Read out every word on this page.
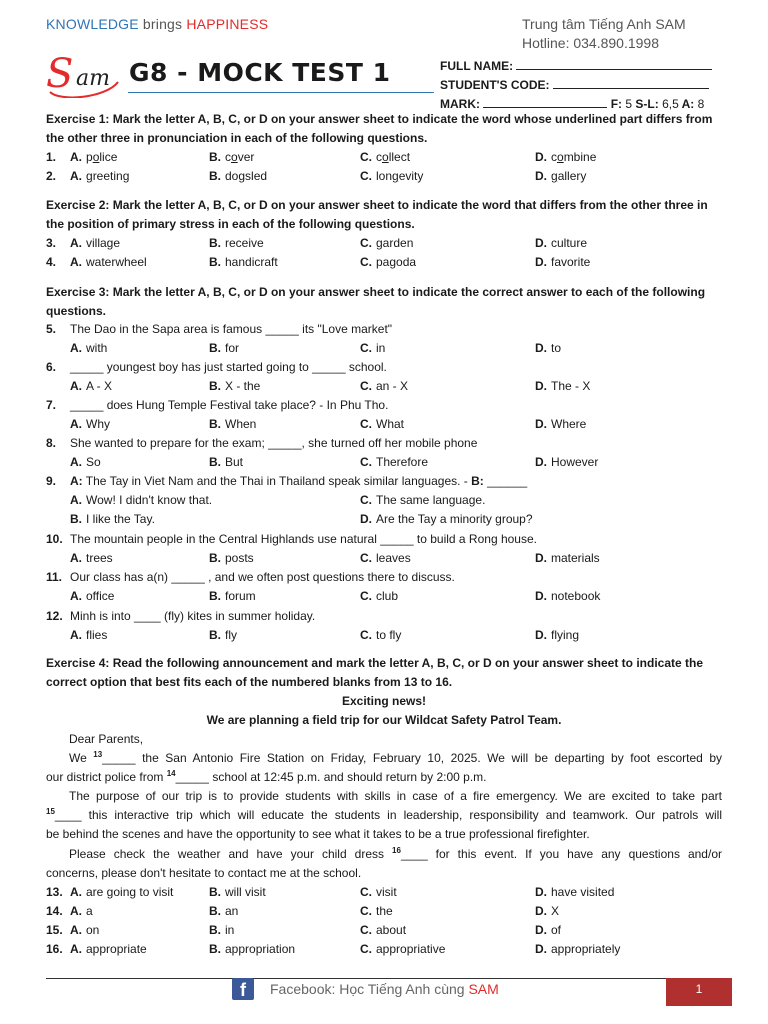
KNOWLEDGE brings HAPPINESS	Trung tâm Tiếng Anh SAM
Hotline: 034.890.1998
S am G8 - MOCK TEST 1	FULL NAME:
STUDENT'S CODE:
MARK:	F: 5 S-L: 6,5 A: 8
Exercise 1: Mark the letter A, B, C, or D on your answer sheet to indicate the word whose underlined part differs from
the other three in pronunciation in each of the following questions.
1. A. police	B. cover	C. collect	D. combine
2. A. greeting	B. dogsled	C. longevity	D. gallery
Exercise 2: Mark the letter A, B, C, or D on your answer sheet to indicate the word that differs from the other three in
the position of primary stress in each of the following questions.
3. A. village	B. receive	C. garden	D. culture
4. A. waterwheel	B. handicraft	C. pagoda	D. favorite
Exercise 3: Mark the letter A, B, C, or D on your answer sheet to indicate the correct answer to each of the following
questions.
5. The Dao in the Sapa area is famous _____ its "Love market"
A. with	B. for	C. in	D. to
6. _____ youngest boy has just started going to _____ school.
A. A - X	B. X - the	C. an - X	D. The - X
7. _____ does Hung Temple Festival take place? - In Phu Tho.
A. Why	B. When	C. What	D. Where
8. She wanted to prepare for the exam; _____, she turned off her mobile phone
A. So	B. But	C. Therefore	D. However
9. A: The Tay in Viet Nam and the Thai in Thailand speak similar languages. - B: ______
A. Wow! I didn't know that.	C. The same language.
B. I like the Tay.	D. Are the Tay a minority group?
10. The mountain people in the Central Highlands use natural _____ to build a Rong house.
A. trees	B. posts	C. leaves	D. materials
11. Our class has a(n) _____ , and we often post questions there to discuss.
A. office	B. forum	C. club	D. notebook
12. Minh is into ____ (fly) kites in summer holiday.
A. flies	B. fly	C. to fly	D. flying
Exercise 4: Read the following announcement and mark the letter A, B, C, or D on your answer sheet to indicate the
correct option that best fits each of the numbered blanks from 13 to 16.
Exciting news!
We are planning a field trip for our Wildcat Safety Patrol Team.
Dear Parents,
We $^{13}$_____ the San Antonio Fire Station on Friday, February 10, 2025. We will be departing by foot escorted by
our district police from $^{14}$_____ school at 12:45 p.m. and should return by 2:00 p.m.
The purpose of our trip is to provide students with skills in case of a fire emergency. We are excited to take part
$^{15}$____ this interactive trip which will educate the students in leadership, responsibility and teamwork. Our patrols will
be behind the scenes and have the opportunity to see what it takes to be a true professional firefighter.
Please check the weather and have your child dress $^{16}$____ for this event. If you have any questions and/or
concerns, please don't hesitate to contact me at the school.
13. A. are going to visit	B. will visit	C. visit	D. have visited
14. A. a	B. an	C. the	D. X
15. A. on	B. in	C. about	D. of
16. A. appropriate	B. appropriation	C. appropriative	D. appropriately
f	Facebook: Học Tiếng Anh cùng SAM	1
